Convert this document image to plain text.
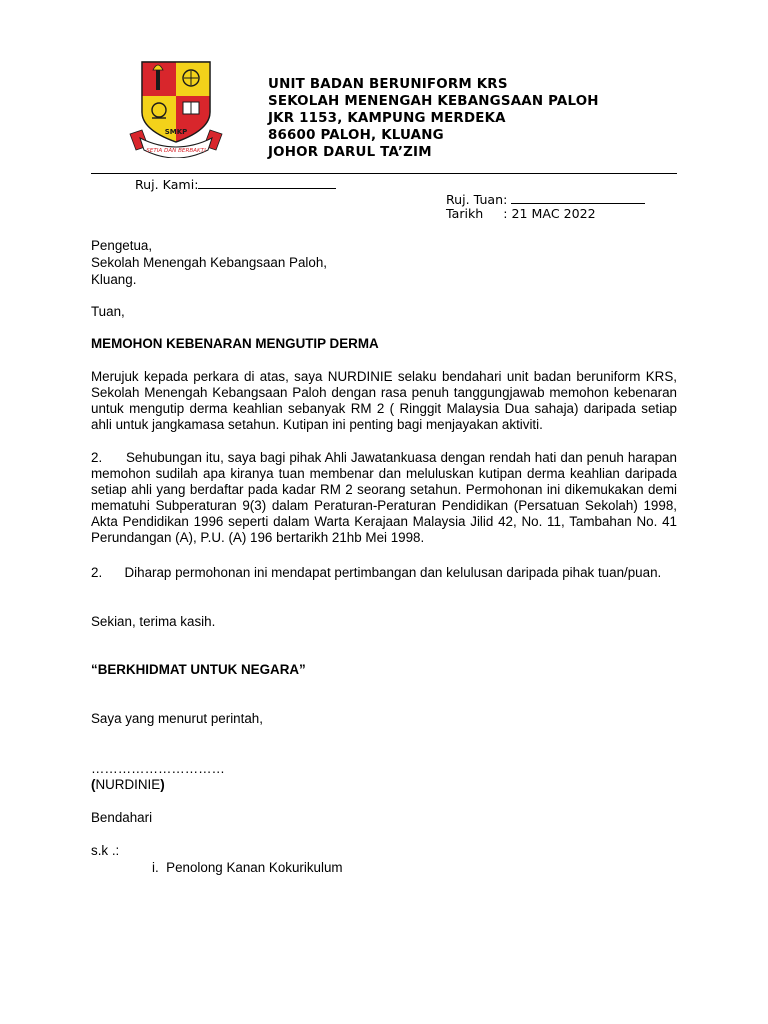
SMKP
SETIA DAN BERBAKTI
UNIT BADAN BERUNIFORM KRS
SEKOLAH MENENGAH KEBANGSAAN PALOH
JKR 1153, KAMPUNG MERDEKA
86600 PALOH, KLUANG
JOHOR DARUL TA’ZIM
Ruj. Kami:
Ruj. Tuan:
Tarikh : 21 MAC 2022
Pengetua,
Sekolah Menengah Kebangsaan Paloh,
Kluang.
Tuan,
MEMOHON KEBENARAN MENGUTIP DERMA
Merujuk kepada perkara di atas, saya NURDINIE selaku bendahari unit badan beruniform KRS, Sekolah Menengah Kebangsaan Paloh dengan rasa penuh tanggungjawab memohon kebenaran untuk mengutip derma keahlian sebanyak RM 2 ( Ringgit Malaysia Dua sahaja) daripada setiap ahli untuk jangkamasa setahun. Kutipan ini penting bagi menjayakan aktiviti.
2.      Sehubungan itu, saya bagi pihak Ahli Jawatankuasa dengan rendah hati dan penuh harapan memohon sudilah apa kiranya tuan membenar dan meluluskan kutipan derma keahlian daripada setiap ahli yang berdaftar pada kadar RM 2 seorang setahun. Permohonan ini dikemukakan demi mematuhi Subperaturan 9(3) dalam Peraturan-Peraturan Pendidikan (Persatuan Sekolah) 1998, Akta Pendidikan 1996 seperti dalam Warta Kerajaan Malaysia Jilid 42, No. 11, Tambahan No. 41 Perundangan (A), P.U. (A) 196 bertarikh 21hb Mei 1998.
2.      Diharap permohonan ini mendapat pertimbangan dan kelulusan daripada pihak tuan/puan.
Sekian, terima kasih.
“BERKHIDMAT UNTUK NEGARA”
Saya yang menurut perintah,
…………………………
(NURDINIE)
Bendahari
s.k .:
i.  Penolong Kanan Kokurikulum
